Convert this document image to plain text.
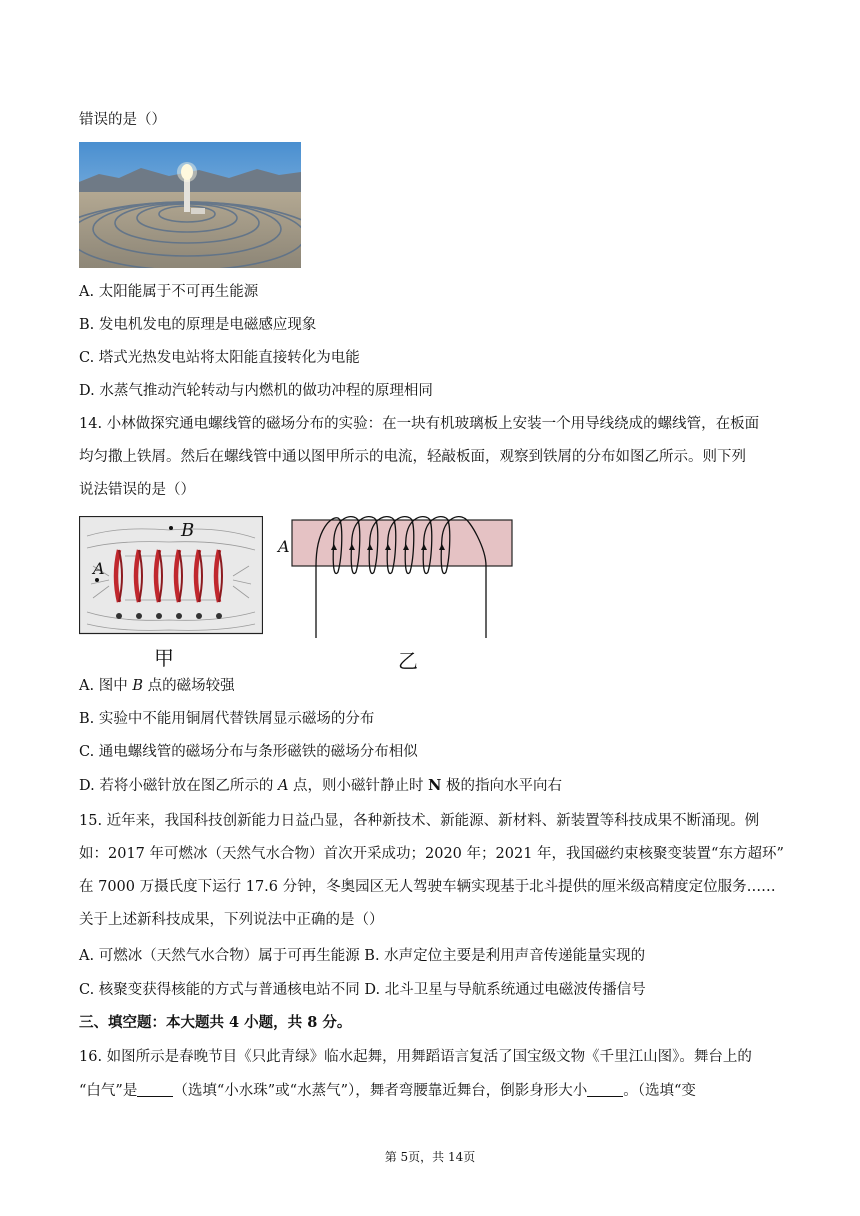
错误的是（）
A. 太阳能属于不可再生能源
B. 发电机发电的原理是电磁感应现象
C. 塔式光热发电站将太阳能直接转化为电能
D. 水蒸气推动汽轮转动与内燃机的做功冲程的原理相同
14. 小林做探究通电螺线管的磁场分布的实验：在一块有机玻璃板上安装一个用导线绕成的螺线管，在板面
均匀撒上铁屑。然后在螺线管中通以图甲所示的电流，轻敲板面，观察到铁屑的分布如图乙所示。则下列
说法错误的是（）
B
A
A
甲	乙
A. 图中 B 点的磁场较强
B. 实验中不能用铜屑代替铁屑显示磁场的分布
C. 通电螺线管的磁场分布与条形磁铁的磁场分布相似
D. 若将小磁针放在图乙所示的 A 点，则小磁针静止时 N 极的指向水平向右
15. 近年来，我国科技创新能力日益凸显，各种新技术、新能源、新材料、新装置等科技成果不断涌现。例
如：2017 年可燃冰（天然气水合物）首次开采成功；2020 年；2021 年，我国磁约束核聚变装置“东方超环”
在 7000 万摄氏度下运行 17.6 分钟，冬奥园区无人驾驶车辆实现基于北斗提供的厘米级高精度定位服务……
关于上述新科技成果，下列说法中正确的是（）
A. 可燃冰（天然气水合物）属于可再生能源 B. 水声定位主要是利用声音传递能量实现的
C. 核聚变获得核能的方式与普通核电站不同 D. 北斗卫星与导航系统通过电磁波传播信号
三、填空题：本大题共 4 小题，共 8 分。
16. 如图所示是春晚节目《只此青绿》临水起舞，用舞蹈语言复活了国宝级文物《千里江山图》。舞台上的
“白气”是 （选填“小水珠”或“水蒸气”），舞者弯腰靠近舞台，倒影身形大小 。（选填“变
第 5页，共 14页
